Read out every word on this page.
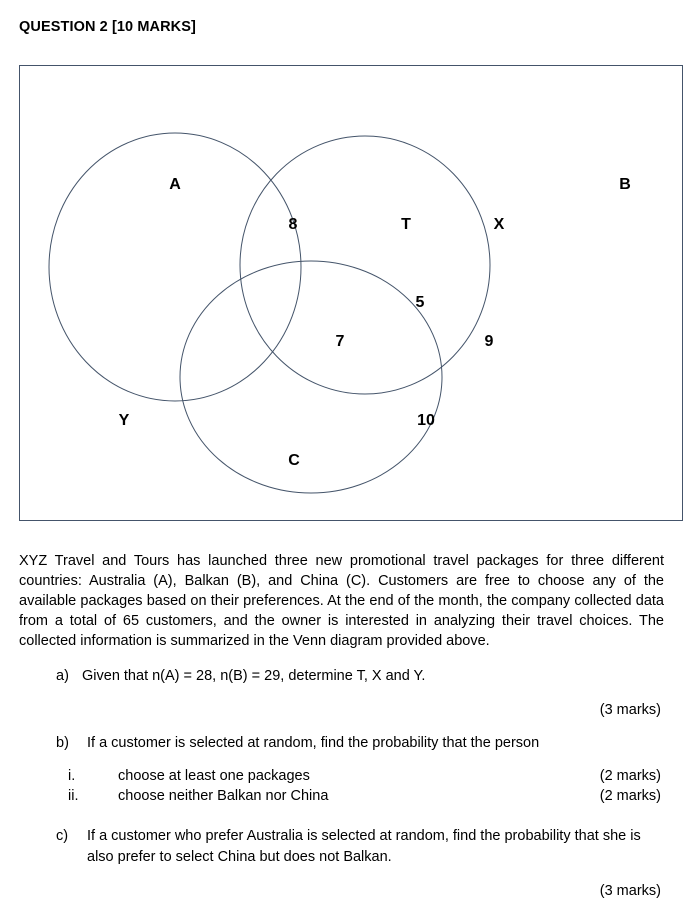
QUESTION 2 [10 MARKS]
A	B
C
Y
8	T	X
5
7	9
10
XYZ Travel and Tours has launched three new promotional travel packages for three different countries: Australia (A), Balkan (B), and China (C). Customers are free to choose any of the available packages based on their preferences. At the end of the month, the company collected data from a total of 65 customers, and the owner is interested in analyzing their travel choices. The collected information is summarized in the Venn diagram provided above.
a) Given that n(A) = 28, n(B) = 29, determine T, X and Y.
(3 marks)
b) If a customer is selected at random, find the probability that the person
i.	choose at least one packages	(2 marks)
ii.	choose neither Balkan nor China	(2 marks)
c) If a customer who prefer Australia is selected at random, find the probability that she is
also prefer to select China but does not Balkan.
(3 marks)
